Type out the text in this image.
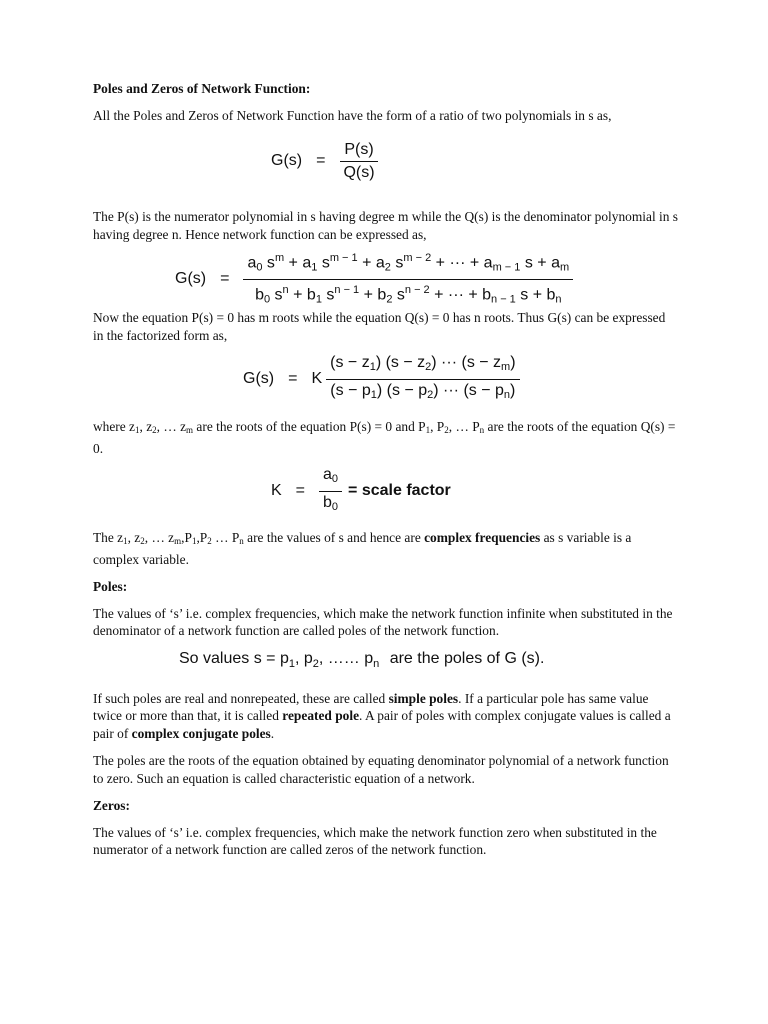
Poles and Zeros of Network Function:

All the Poles and Zeros of Network Function have the form of a ratio of two polynomials in s as,

$G(s) = \frac{P(s)}{Q(s)}$

The P(s) is the numerator polynomial in s having degree m while the Q(s) is the denominator polynomial in s having degree n. Hence network function can be expressed as,

$G(s) = \frac{a_0 s^m + a_1 s^{m - 1} + a_2 s^{m - 2} + \cdot\cdot\cdot + a_{m - 1} s + a_m}{b_0 s^n + b_1 s^{n - 1} + b_2 s^{n - 2} + \cdot\cdot\cdot + b_{n - 1} s + b_n}$

Now the equation P(s) = 0 has m roots while the equation Q(s) = 0 has n roots. Thus G(s) can be expressed in the factorized form as,

G(s) = K $\frac{(s - z_1) (s - z_2) \cdot\cdot\cdot (s - z_m)}{(s - p_1) (s - p_2) \cdot\cdot\cdot (s - p_n)}$

where $z_1$, $z_2$, … $z_m$ are the roots of the equation P(s) = 0 and $P_1$, $P_2$, … $P_n$ are the roots of the equation Q(s) = 0.

$K = \frac{a_0}{b_0}$ = scale factor

The $z_1$, $z_2$, … $z_m,P_1,P_2$ … $P_n$ are the values of s and hence are complex frequencies as s variable is a complex variable.

Poles:

The values of ‘s’ i.e. complex frequencies, which make the network function infinite when substituted in the denominator of a network function are called poles of the network function.

So values $s = p_1$, $p_2$, …… $p_n$ are the poles of G (s).

If such poles are real and nonrepeated, these are called simple poles. If a particular pole has same value twice or more than that, it is called repeated pole. A pair of poles with complex conjugate values is called a pair of complex conjugate poles.

The poles are the roots of the equation obtained by equating denominator polynomial of a network function to zero. Such an equation is called characteristic equation of a network.

Zeros:

The values of ‘s’ i.e. complex frequencies, which make the network function zero when substituted in the numerator of a network function are called zeros of the network function.
